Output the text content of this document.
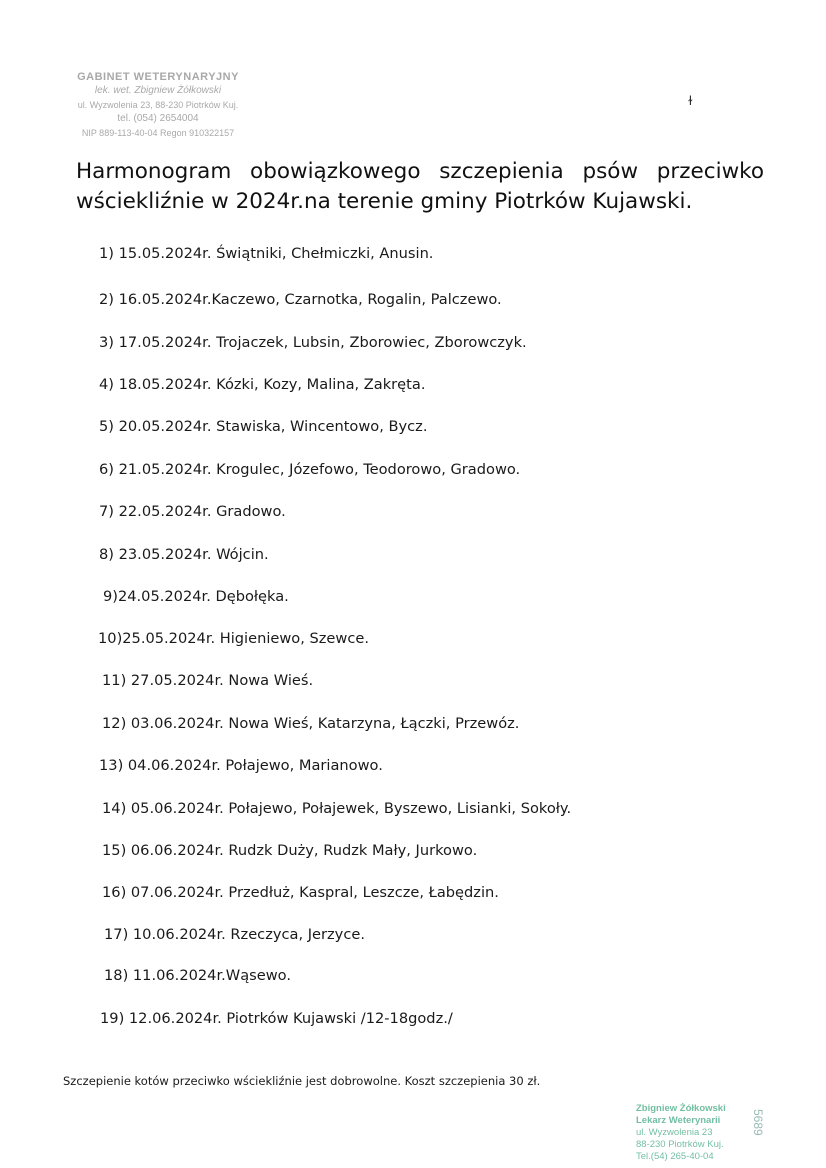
GABINET WETERYNARYJNY
lek. wet. Zbigniew Żółkowski
ul. Wyzwolenia 23, 88-230 Piotrków Kuj.
tel. (054) 2654004
NIP 889-113-40-04 Regon 910322157
ɫ
Harmonogram obowiązkowego szczepienia psów przeciwko
wściekliźnie w 2024r.na terenie gminy Piotrków Kujawski.
1) 15.05.2024r. Świątniki, Chełmiczki, Anusin.
2) 16.05.2024r.Kaczewo, Czarnotka, Rogalin, Palczewo.
3) 17.05.2024r. Trojaczek, Lubsin, Zborowiec, Zborowczyk.
4) 18.05.2024r. Kózki, Kozy, Malina, Zakręta.
5) 20.05.2024r. Stawiska, Wincentowo, Bycz.
6) 21.05.2024r. Krogulec, Józefowo, Teodorowo, Gradowo.
7) 22.05.2024r. Gradowo.
8) 23.05.2024r. Wójcin.
9)24.05.2024r. Dębołęka.
10)25.05.2024r. Higieniewo, Szewce.
11) 27.05.2024r. Nowa Wieś.
12) 03.06.2024r. Nowa Wieś, Katarzyna, Łączki, Przewóz.
13) 04.06.2024r. Połajewo, Marianowo.
14) 05.06.2024r. Połajewo, Połajewek, Byszewo, Lisianki, Sokoły.
15) 06.06.2024r. Rudzk Duży, Rudzk Mały, Jurkowo.
16) 07.06.2024r. Przedłuż, Kaspral, Leszcze, Łabędzin.
17) 10.06.2024r. Rzeczyca, Jerzyce.
18) 11.06.2024r.Wąsewo.
19) 12.06.2024r. Piotrków Kujawski /12-18godz./
Szczepienie kotów przeciwko wściekliźnie jest dobrowolne. Koszt szczepienia 30 zł.
Zbigniew Żółkowski
Lekarz Weterynarii
ul. Wyzwolenia 23
88-230 Piotrków Kuj.
Tel.(54) 265-40-04
5689
